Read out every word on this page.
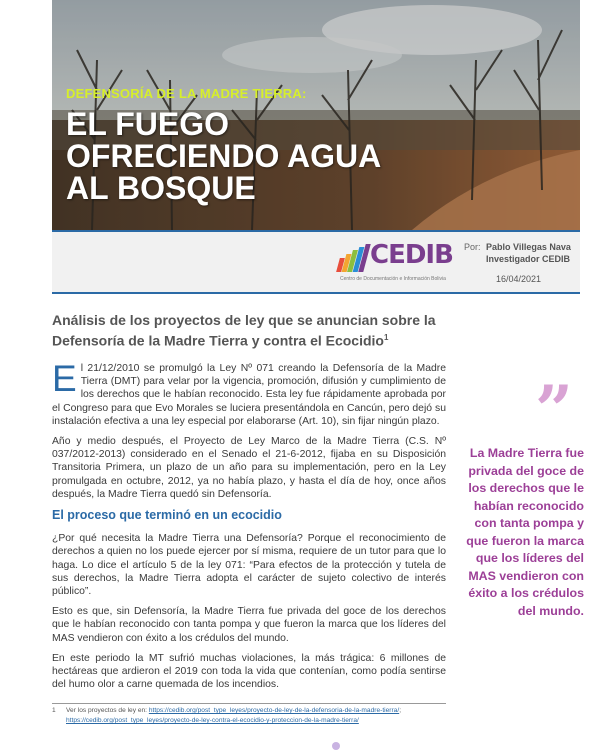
DEFENSORÍA DE LA MADRE TIERRA:
EL FUEGO
OFRECIENDO AGUA
AL BOSQUE
CEDIB
Centro de Documentación e Información Bolivia
Por: Pablo Villegas Nava
Investigador CEDIB
16/04/2021
Análisis de los proyectos de ley que se anuncian sobre la Defensoría de la Madre Tierra y contra el Ecocidio$^1$

El 21/12/2010 se promulgó la Ley Nº 071 creando la Defensoría de la Madre Tierra (DMT) para velar por la vigencia, promoción, difusión y cumplimiento de los derechos que le habían reconocido. Esta ley fue rápidamente aprobada por el Congreso para que Evo Morales se luciera presentándola en Cancún, pero dejó su instalación efectiva a una ley especial por elaborarse (Art. 10), sin fijar ningún plazo.

Año y medio después, el Proyecto de Ley Marco de la Madre Tierra (C.S. Nº 037/2012-2013) considerado en el Senado el 21-6-2012, fijaba en su Disposición Transitoria Primera, un plazo de un año para su implementación, pero en la Ley promulgada en octubre, 2012, ya no había plazo, y hasta el día de hoy, once años después, la Madre Tierra quedó sin Defensoría.

El proceso que terminó en un ecocidio

¿Por qué necesita la Madre Tierra una Defensoría? Porque el reconocimiento de derechos a quien no los puede ejercer por sí misma, requiere de un tutor para que lo haga. Lo dice el artículo 5 de la ley 071: “Para efectos de la protección y tutela de sus derechos, la Madre Tierra adopta el carácter de sujeto colectivo de interés público”.

Esto es que, sin Defensoría, la Madre Tierra fue privada del goce de los derechos que le habían reconocido con tanta pompa y que fueron la marca que los líderes del MAS vendieron con éxito a los crédulos del mundo.

En este periodo la MT sufrió muchas violaciones, la más trágica: 6 millones de hectáreas que ardieron el 2019 con toda la vida que contenían, como podía sentirse del humo olor a carne quemada de los incendios.

”
La Madre Tierra fue privada del goce de los derechos que le habían reconocido con tanta pompa y que fueron la marca que los líderes del MAS vendieron con éxito a los crédulos del mundo.
1 Ver los proyectos de ley en: https://cedib.org/post_type_leyes/proyecto-de-ley-de-la-defensoria-de-la-madre-tierra/;
https://cedib.org/post_type_leyes/proyecto-de-ley-contra-el-ecocidio-y-proteccion-de-la-madre-tierra/
